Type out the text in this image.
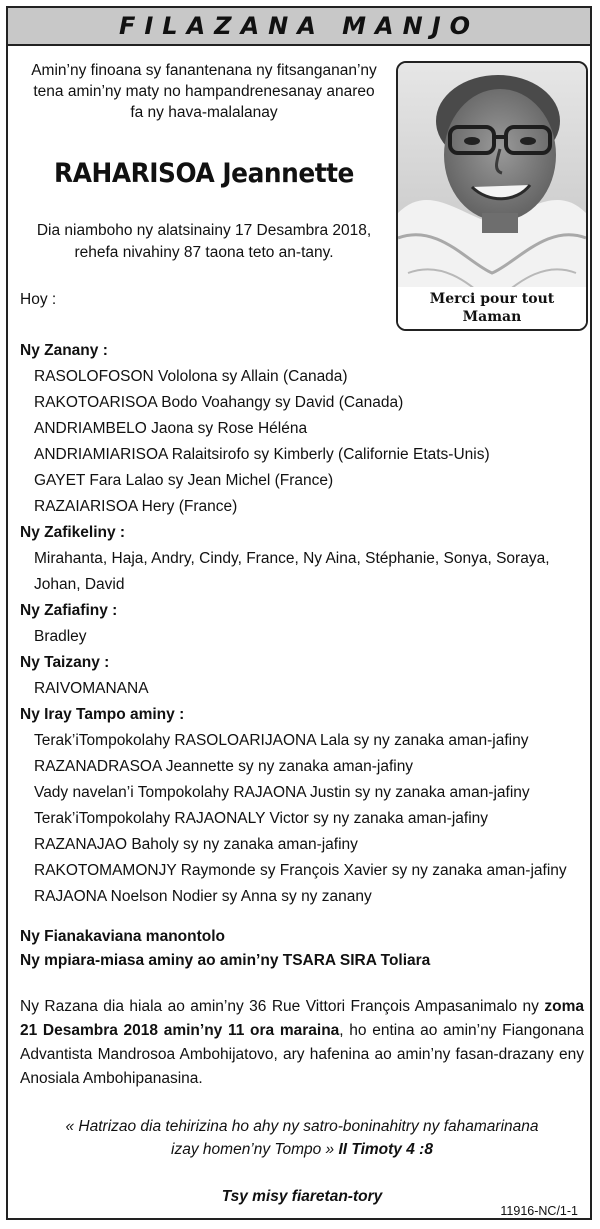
FILAZANA MANJO
Amin’ny finoana sy fanantenana ny fitsanganan’ny
tena amin’ny maty no hampandrenesanay anareo
fa ny hava-malalanay
RAHARISOA Jeannette
Dia niamboho ny alatsinainy 17 Desambra 2018,
rehefa nivahiny 87 taona teto an-tany.
Merci pour tout
Maman
Hoy :
Ny Zanany :
RASOLOFOSON Vololona sy Allain (Canada)
RAKOTOARISOA Bodo Voahangy sy David (Canada)
ANDRIAMBELO Jaona sy Rose Héléna
ANDRIAMIARISOA Ralaitsirofo sy Kimberly (Californie Etats-Unis)
GAYET Fara Lalao sy Jean Michel (France)
RAZAIARISOA Hery (France)
Ny Zafikeliny :
Mirahanta, Haja, Andry, Cindy, France, Ny Aina, Stéphanie, Sonya, Soraya, Johan, David
Ny Zafiafiny :
Bradley
Ny Taizany :
RAIVOMANANA
Ny Iray Tampo aminy :
Terak’iTompokolahy RASOLOARIJAONA Lala sy ny zanaka aman-jafiny
RAZANADRASOA Jeannette sy ny zanaka aman-jafiny
Vady navelan’i Tompokolahy RAJAONA Justin sy ny zanaka aman-jafiny
Terak’iTompokolahy RAJAONALY Victor sy ny zanaka aman-jafiny
RAZANAJAO Baholy sy ny zanaka aman-jafiny
RAKOTOMAMONJY Raymonde sy François Xavier sy ny zanaka aman-jafiny
RAJAONA Noelson Nodier sy Anna sy ny zanany
Ny Fianakaviana manontolo
Ny mpiara-miasa aminy ao amin’ny TSARA SIRA Toliara
Ny Razana dia hiala ao amin’ny 36 Rue Vittori François Ampasanimalo ny zoma 21 Desambra 2018 amin’ny 11 ora maraina, ho entina ao amin’ny Fiangonana Advantista Mandrosoa Ambohijatovo, ary hafenina ao amin’ny fasan-drazany eny Anosiala Ambohipanasina.
« Hatrizao dia tehirizina ho ahy ny satro-boninahitry ny fahamarinana
izay homen’ny Tompo » II Timoty 4 :8
Tsy misy fiaretan-tory
11916-NC/1-1
